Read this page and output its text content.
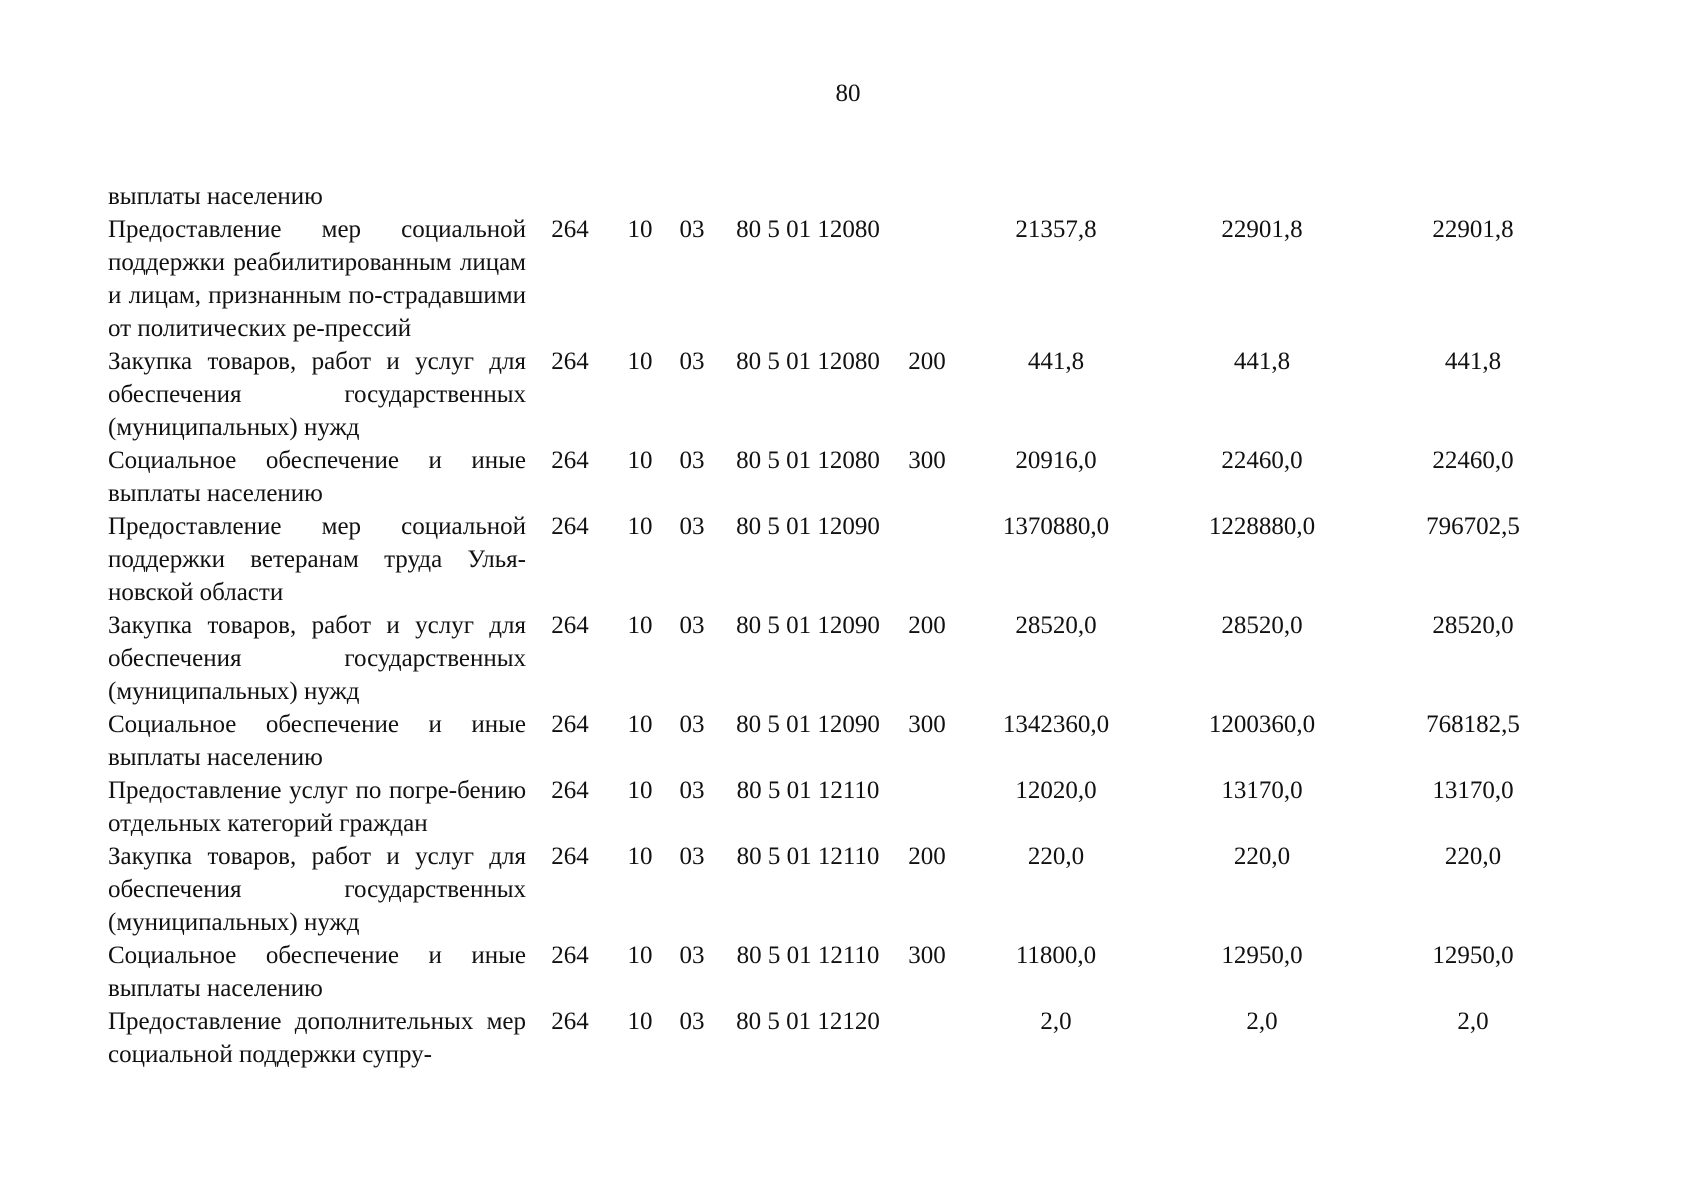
80
выплаты населению								
Предоставление мер социальной поддержки реабилитированным лицам и лицам, признанным по-страдавшими от политических ре-прессий	264	10	03	80 5 01 12080		21357,8	22901,8	22901,8
Закупка товаров, работ и услуг для обеспечения государственных (муниципальных) нужд	264	10	03	80 5 01 12080	200	441,8	441,8	441,8
Социальное обеспечение и иные выплаты населению	264	10	03	80 5 01 12080	300	20916,0	22460,0	22460,0
Предоставление мер социальной поддержки ветеранам труда Улья-новской области	264	10	03	80 5 01 12090		1370880,0	1228880,0	796702,5
Закупка товаров, работ и услуг для обеспечения государственных (муниципальных) нужд	264	10	03	80 5 01 12090	200	28520,0	28520,0	28520,0
Социальное обеспечение и иные выплаты населению	264	10	03	80 5 01 12090	300	1342360,0	1200360,0	768182,5
Предоставление услуг по погре-бению отдельных категорий граждан	264	10	03	80 5 01 12110		12020,0	13170,0	13170,0
Закупка товаров, работ и услуг для обеспечения государственных (муниципальных) нужд	264	10	03	80 5 01 12110	200	220,0	220,0	220,0
Социальное обеспечение и иные выплаты населению	264	10	03	80 5 01 12110	300	11800,0	12950,0	12950,0
Предоставление дополнительных мер социальной поддержки супру-	264	10	03	80 5 01 12120		2,0	2,0	2,0
